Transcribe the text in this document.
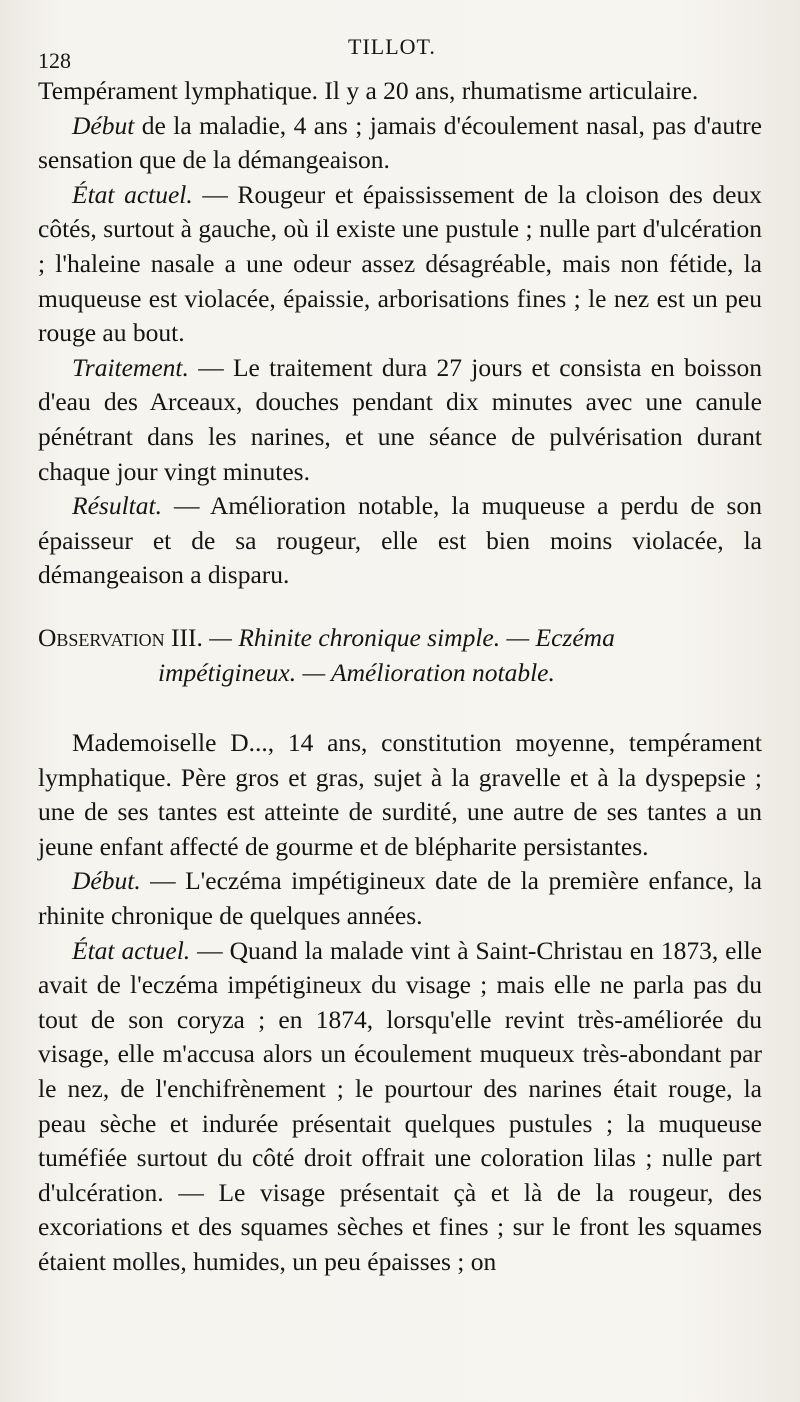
128
TILLOT.

Tempérament lymphatique. Il y a 20 ans, rhumatisme articulaire.

Début de la maladie, 4 ans ; jamais d'écoulement nasal, pas d'autre sensation que de la démangeaison.

État actuel. — Rougeur et épaississement de la cloison des deux côtés, surtout à gauche, où il existe une pustule ; nulle part d'ulcération ; l'haleine nasale a une odeur assez désagréable, mais non fétide, la muqueuse est violacée, épaissie, arborisations fines ; le nez est un peu rouge au bout.

Traitement. — Le traitement dura 27 jours et consista en boisson d'eau des Arceaux, douches pendant dix minutes avec une canule pénétrant dans les narines, et une séance de pulvérisation durant chaque jour vingt minutes.

Résultat. — Amélioration notable, la muqueuse a perdu de son épaisseur et de sa rougeur, elle est bien moins violacée, la démangeaison a disparu.

Observation III. — Rhinite chronique simple. — Eczéma
impétigineux. — Amélioration notable.

Mademoiselle D..., 14 ans, constitution moyenne, tempérament lymphatique. Père gros et gras, sujet à la gravelle et à la dyspepsie ; une de ses tantes est atteinte de surdité, une autre de ses tantes a un jeune enfant affecté de gourme et de blépharite persistantes.

Début. — L'eczéma impétigineux date de la première enfance, la rhinite chronique de quelques années.

État actuel. — Quand la malade vint à Saint-Christau en 1873, elle avait de l'eczéma impétigineux du visage ; mais elle ne parla pas du tout de son coryza ; en 1874, lorsqu'elle revint très-améliorée du visage, elle m'accusa alors un écoulement muqueux très-abondant par le nez, de l'enchifrènement ; le pourtour des narines était rouge, la peau sèche et indurée présentait quelques pustules ; la muqueuse tuméfiée surtout du côté droit offrait une coloration lilas ; nulle part d'ulcération. — Le visage présentait çà et là de la rougeur, des excoriations et des squames sèches et fines ; sur le front les squames étaient molles, humides, un peu épaisses ; on
